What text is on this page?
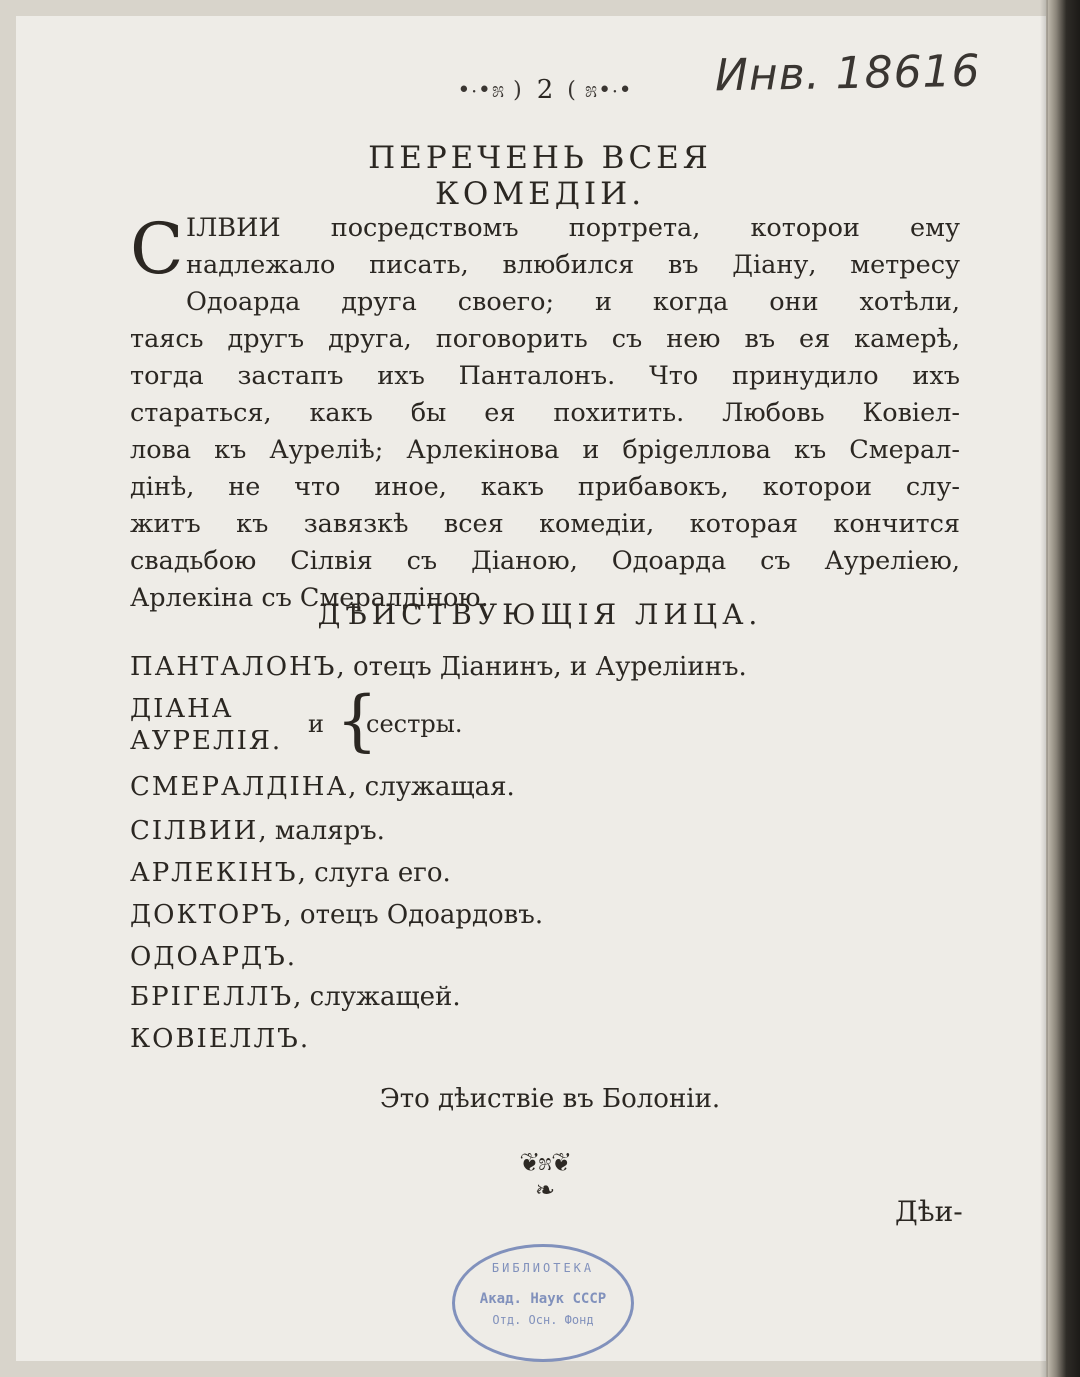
Инв. 18616
•‧•೫ ) 2 ( ೫•‧•
ПЕРЕЧЕНЬ ВСЕЯ КОМЕДІИ.
С ІЛВИИ посредствомъ портрета, которои ему
надлежало писать, влюбился въ Діану, метресу
Одоарда друга своего; и когда они хотѣли,
таясь другъ друга, поговорить съ нею въ ея камерѣ,
тогда застапъ ихъ Панталонъ. Что принудило ихъ
стараться, какъ бы ея похитить. Любовь Ковіел-
лова къ Ауреліѣ; Арлекінова и бріgеллова къ Смерал-
дінѣ, не что иное, какъ прибавокъ, которои слу-
житъ къ завязкѣ всея комедіи, которая кончится
свадьбою Сілвія съ Діаною, Одоарда съ Ауреліею,
Арлекіна съ Смералдіною.
ДѢИСТВУЮЩІЯ ЛИЦА.
ПАНТАЛОНЪ, отецъ Діанинъ, и Ауреліинъ.
ДІАНА
АУРЕЛІЯ.
и {
сестры.
СМЕРАЛДІНА, служащая.
СІЛВИИ, маляръ.
АРЛЕКІНЪ, слуга его.
ДОКТОРЪ, отецъ Одоардовъ.
ОДОАРДЪ.
БРІГЕЛЛЪ, служащей.
КОВІЕЛЛЪ.
Это дѣиствіе въ Болоніи.
❦೫❦
❧
Дѣи-
БИБЛИОТЕКА
Акад. Наук СССР
Отд. Осн. Фонд
